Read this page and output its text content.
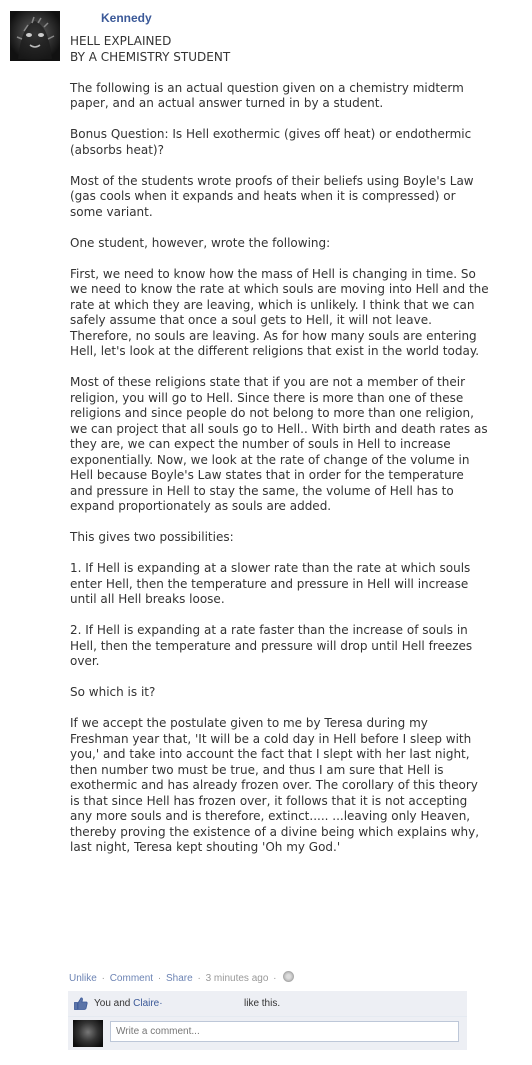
Kennedy

HELL EXPLAINED
BY A CHEMISTRY STUDENT

The following is an actual question given on a chemistry midterm paper, and an actual answer turned in by a student.

Bonus Question: Is Hell exothermic (gives off heat) or endothermic (absorbs heat)?

Most of the students wrote proofs of their beliefs using Boyle's Law (gas cools when it expands and heats when it is compressed) or some variant.

One student, however, wrote the following:

First, we need to know how the mass of Hell is changing in time. So we need to know the rate at which souls are moving into Hell and the rate at which they are leaving, which is unlikely. I think that we can safely assume that once a soul gets to Hell, it will not leave. Therefore, no souls are leaving. As for how many souls are entering Hell, let's look at the different religions that exist in the world today.

Most of these religions state that if you are not a member of their religion, you will go to Hell. Since there is more than one of these religions and since people do not belong to more than one religion, we can project that all souls go to Hell.. With birth and death rates as they are, we can expect the number of souls in Hell to increase exponentially. Now, we look at the rate of change of the volume in Hell because Boyle's Law states that in order for the temperature and pressure in Hell to stay the same, the volume of Hell has to expand proportionately as souls are added.

This gives two possibilities:

1. If Hell is expanding at a slower rate than the rate at which souls enter Hell, then the temperature and pressure in Hell will increase until all Hell breaks loose.

2. If Hell is expanding at a rate faster than the increase of souls in Hell, then the temperature and pressure will drop until Hell freezes over.

So which is it?

If we accept the postulate given to me by Teresa during my Freshman year that, 'It will be a cold day in Hell before I sleep with you,' and take into account the fact that I slept with her last night, then number two must be true, and thus I am sure that Hell is exothermic and has already frozen over. The corollary of this theory is that since Hell has frozen over, it follows that it is not accepting any more souls and is therefore, extinct..... ...leaving only Heaven, thereby proving the existence of a divine being which explains why, last night, Teresa kept shouting 'Oh my God.'

Unlike · Comment · Share · 3 minutes ago ·
You and Claire·	like this.
Write a comment...
